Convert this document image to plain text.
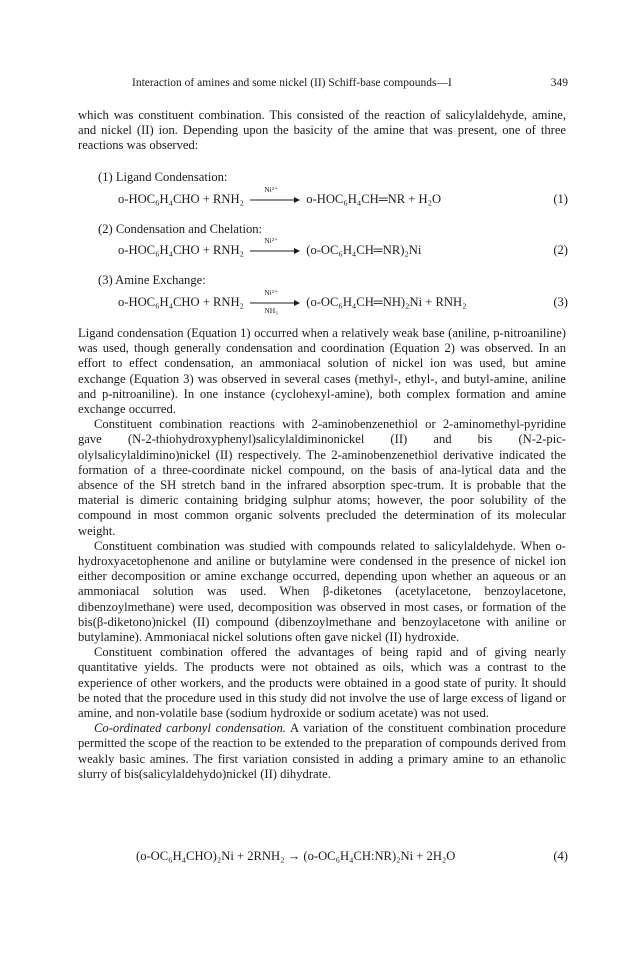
Interaction of amines and some nickel (II) Schiff-base compounds—I	349

which was constituent combination. This consisted of the reaction of salicylaldehyde, amine, and nickel (II) ion. Depending upon the basicity of the amine that was present, one of three reactions was observed:

(1) Ligand Condensation:
o-HOC₆H₄CHO + RNH₂
Ni²⁺
o-HOC₆H₄CH═NR + H₂O	(1)
(2) Condensation and Chelation:
o-HOC₆H₄CHO + RNH₂
Ni²⁺
(o-OC₆H₄CH═NR)₂Ni	(2)
(3) Amine Exchange:
o-HOC₆H₄CHO + RNH₂
Ni²⁺
NH₃
(o-OC₆H₄CH═NH)₂Ni + RNH₂	(3)

Ligand condensation (Equation 1) occurred when a relatively weak base (aniline, p-nitroaniline) was used, though generally condensation and coordination (Equation 2) was observed. In an effort to effect condensation, an ammoniacal solution of nickel ion was used, but amine exchange (Equation 3) was observed in several cases (methyl-, ethyl-, and butyl-amine, aniline and p-nitroaniline). In one instance (cyclohexyl-amine), both complex formation and amine exchange occurred.

Constituent combination reactions with 2-aminobenzenethiol or 2-aminomethyl-pyridine gave (N-2-thiohydroxyphenyl)salicylaldiminonickel (II) and bis (N-2-pic-olylsalicylaldimino)nickel (II) respectively. The 2-aminobenzenethiol derivative indicated the formation of a three-coordinate nickel compound, on the basis of ana-lytical data and the absence of the SH stretch band in the infrared absorption spec-trum. It is probable that the material is dimeric containing bridging sulphur atoms; however, the poor solubility of the compound in most common organic solvents precluded the determination of its molecular weight.

Constituent combination was studied with compounds related to salicylaldehyde. When o-hydroxyacetophenone and aniline or butylamine were condensed in the presence of nickel ion either decomposition or amine exchange occurred, depending upon whether an aqueous or an ammoniacal solution was used. When β-diketones (acetylacetone, benzoylacetone, dibenzoylmethane) were used, decomposition was observed in most cases, or formation of the bis(β-diketono)nickel (II) compound (dibenzoylmethane and benzoylacetone with aniline or butylamine). Ammoniacal nickel solutions often gave nickel (II) hydroxide.

Constituent combination offered the advantages of being rapid and of giving nearly quantitative yields. The products were not obtained as oils, which was a contrast to the experience of other workers, and the products were obtained in a good state of purity. It should be noted that the procedure used in this study did not involve the use of large excess of ligand or amine, and non-volatile base (sodium hydroxide or sodium acetate) was not used.

Co-ordinated carbonyl condensation. A variation of the constituent combination procedure permitted the scope of the reaction to be extended to the preparation of compounds derived from weakly basic amines. The first variation consisted in adding a primary amine to an ethanolic slurry of bis(salicylaldehydo)nickel (II) dihydrate.

(o-OC₆H₄CHO)₂Ni + 2RNH₂ → (o-OC₆H₄CH:NR)₂Ni + 2H₂O	(4)
